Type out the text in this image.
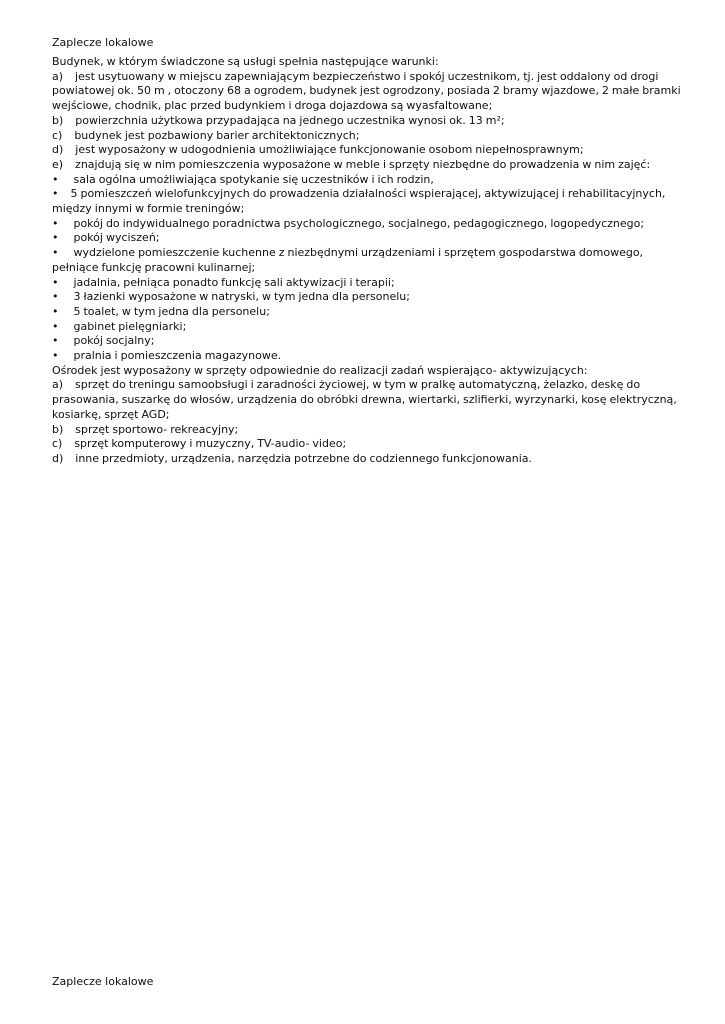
Zaplecze lokalowe
Budynek, w którym świadczone są usługi spełnia następujące warunki:
a)    jest usytuowany w miejscu zapewniającym bezpieczeństwo i spokój uczestnikom, tj. jest oddalony od drogi powiatowej ok. 50 m , otoczony 68 a ogrodem, budynek jest ogrodzony, posiada 2 bramy wjazdowe, 2 małe bramki wejściowe, chodnik, plac przed budynkiem i droga dojazdowa są wyasfaltowane;
b)    powierzchnia użytkowa przypadająca na jednego uczestnika wynosi ok. 13 m²;
c)    budynek jest pozbawiony barier architektonicznych;
d)    jest wyposażony w udogodnienia umożliwiające funkcjonowanie osobom niepełnosprawnym;
e)    znajdują się w nim pomieszczenia wyposażone w meble i sprzęty niezbędne do prowadzenia w nim zajęć:
•     sala ogólna umożliwiająca spotykanie się uczestników i ich rodzin,
•    5 pomieszczeń wielofunkcyjnych do prowadzenia działalności wspierającej, aktywizującej i rehabilitacyjnych, między innymi w formie treningów;
•     pokój do indywidualnego poradnictwa psychologicznego, socjalnego, pedagogicznego, logopedycznego;
•     pokój wyciszeń;
•     wydzielone pomieszczenie kuchenne z niezbędnymi urządzeniami i sprzętem gospodarstwa domowego, pełniące funkcję pracowni kulinarnej;
•     jadalnia, pełniąca ponadto funkcję sali aktywizacji i terapii;
•     3 łazienki wyposażone w natryski, w tym jedna dla personelu;
•     5 toalet, w tym jedna dla personelu;
•     gabinet pielęgniarki;
•     pokój socjalny;
•     pralnia i pomieszczenia magazynowe.
Ośrodek jest wyposażony w sprzęty odpowiednie do realizacji zadań wspierająco- aktywizujących:
a)    sprzęt do treningu samoobsługi i zaradności życiowej, w tym w pralkę automatyczną, żelazko, deskę do prasowania, suszarkę do włosów, urządzenia do obróbki drewna, wiertarki, szlifierki, wyrzynarki, kosę elektryczną, kosiarkę, sprzęt AGD;
b)    sprzęt sportowo- rekreacyjny;
c)    sprzęt komputerowy i muzyczny, TV-audio- video;
d)    inne przedmioty, urządzenia, narzędzia potrzebne do codziennego funkcjonowania.
Zaplecze lokalowe
